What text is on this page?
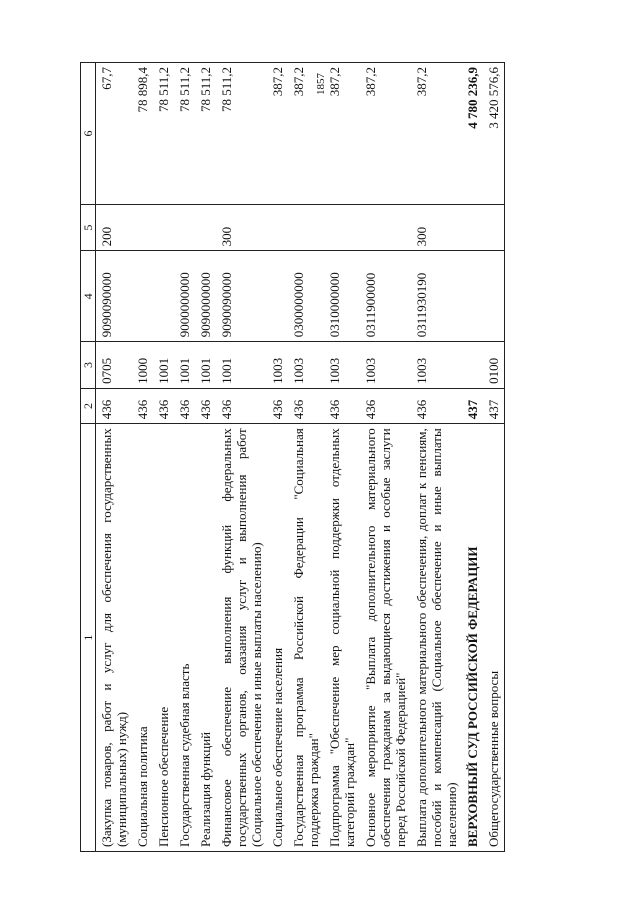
1857
1	2	3	4	5	6
(Закупка товаров, работ и услуг для обеспечения государственных (муниципальных) нужд)	436	0705	9090090000	200	67,7
Социальная политика	436	1000			78 898,4
Пенсионное обеспечение	436	1001			78 511,2
Государственная судебная власть	436	1001	9000000000		78 511,2
Реализация функций	436	1001	9090000000		78 511,2
Финансовое обеспечение выполнения функций федеральных государственных органов, оказания услуг и выполнения работ (Социальное обеспечение и иные выплаты населению)	436	1001	9090090000	300	78 511,2
Социальное обеспечение населения	436	1003			387,2
Государственная программа Российской Федерации "Социальная поддержка граждан"	436	1003	0300000000		387,2
Подпрограмма "Обеспечение мер социальной поддержки отдельных категорий граждан"	436	1003	0310000000		387,2
Основное мероприятие "Выплата дополнительного материального обеспечения гражданам за выдающиеся достижения и особые заслуги перед Российской Федерацией"	436	1003	0311900000		387,2
Выплата дополнительного материального обеспечения, доплат к пенсиям, пособий и компенсаций (Социальное обеспечение и иные выплаты населению)	436	1003	0311930190	300	387,2
ВЕРХОВНЫЙ СУД РОССИЙСКОЙ ФЕДЕРАЦИИ	437				4 780 236,9
Общегосударственные вопросы	437	0100			3 420 576,6
